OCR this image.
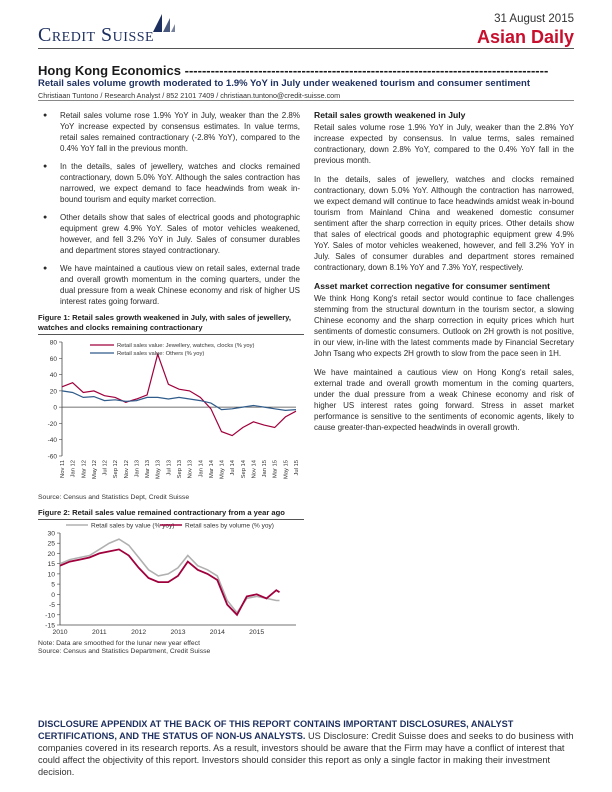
Credit Suisse
31 August 2015
Asian Daily
Hong Kong Economics ------------------------------------------------------------------------------------
Retail sales volume growth moderated to 1.9% YoY in July under weakened tourism and consumer sentiment
Christiaan Tuntono / Research Analyst / 852 2101 7409 / christiaan.tuntono@credit-suisse.com
● Retail sales volume rose 1.9% YoY in July, weaker than the 2.8% YoY increase expected by consensus estimates. In value terms, retail sales remained contractionary (-2.8% YoY), compared to the 0.4% YoY fall in the previous month.
● In the details, sales of jewellery, watches and clocks remained contractionary, down 5.0% YoY. Although the sales contraction has narrowed, we expect demand to face headwinds from weak in-bound tourism and equity market correction.
● Other details show that sales of electrical goods and photographic equipment grew 4.9% YoY. Sales of motor vehicles weakened, however, and fell 3.2% YoY in July. Sales of consumer durables and department stores stayed contractionary.
● We have maintained a cautious view on retail sales, external trade and overall growth momentum in the coming quarters, under the dual pressure from a weak Chinese economy and risk of higher US interest rates going forward.
Figure 1: Retail sales growth weakened in July, with sales of jewellery, watches and clocks remaining contractionary
-60
-40
-20
0
20
40
60
80
Nov 11 Jan 12 Mar 12 May 12 Jul 12 Sep 12 Nov 12 Jan 13 Mar 13 May 13 Jul 13 Sep 13 Nov 13 Jan 14 Mar 14 May 14 Jul 14 Sep 14 Nov 14 Jan 15 Mar 15 May 15 Jul 15
Retail sales value: Jewellery, watches, clocks (% yoy)
Retail sales value: Others (% yoy)
Source: Census and Statistics Dept, Credit Suisse
Figure 2: Retail sales value remained contractionary from a year ago
-15
-10
-5
0
5
10
15
20
25
30
2010	2011	2012	2013	2014	2015
Retail sales by value (% yoy) Retail sales by volume (% yoy)
Note: Data are smoothed for the lunar new year effect
Source: Census and Statistics Department, Credit Suisse
Retail sales growth weakened in July

Retail sales volume rose 1.9% YoY in July, weaker than the 2.8% YoY increase expected by consensus. In value terms, sales remained contractionary, down 2.8% YoY, compared to the 0.4% YoY fall in the previous month.

In the details, sales of jewellery, watches and clocks remained contractionary, down 5.0% YoY. Although the contraction has narrowed, we expect demand will continue to face headwinds amidst weak in-bound tourism from Mainland China and weakened domestic consumer sentiment after the sharp correction in equity prices. Other details show that sales of electrical goods and photographic equipment grew 4.9% YoY. Sales of motor vehicles weakened, however, and fell 3.2% YoY in July. Sales of consumer durables and department stores remained contractionary, down 8.1% YoY and 7.3% YoY, respectively.

Asset market correction negative for consumer sentiment

We think Hong Kong's retail sector would continue to face challenges stemming from the structural downturn in the tourism sector, a slowing Chinese economy and the sharp correction in equity prices which hurt sentiments of domestic consumers. Outlook on 2H growth is not positive, in our view, in-line with the latest comments made by Financial Secretary John Tsang who expects 2H growth to slow from the pace seen in 1H.

We have maintained a cautious view on Hong Kong's retail sales, external trade and overall growth momentum in the coming quarters, under the dual pressure from a weak Chinese economy and risk of higher US interest rates going forward. Stress in asset market performance is sensitive to the sentiments of economic agents, likely to cause greater-than-expected headwinds in overall growth.

DISCLOSURE APPENDIX AT THE BACK OF THIS REPORT CONTAINS IMPORTANT DISCLOSURES, ANALYST CERTIFICATIONS, AND THE STATUS OF NON-US ANALYSTS. US Disclosure: Credit Suisse does and seeks to do business with companies covered in its research reports. As a result, investors should be aware that the Firm may have a conflict of interest that could affect the objectivity of this report. Investors should consider this report as only a single factor in making their investment decision.
